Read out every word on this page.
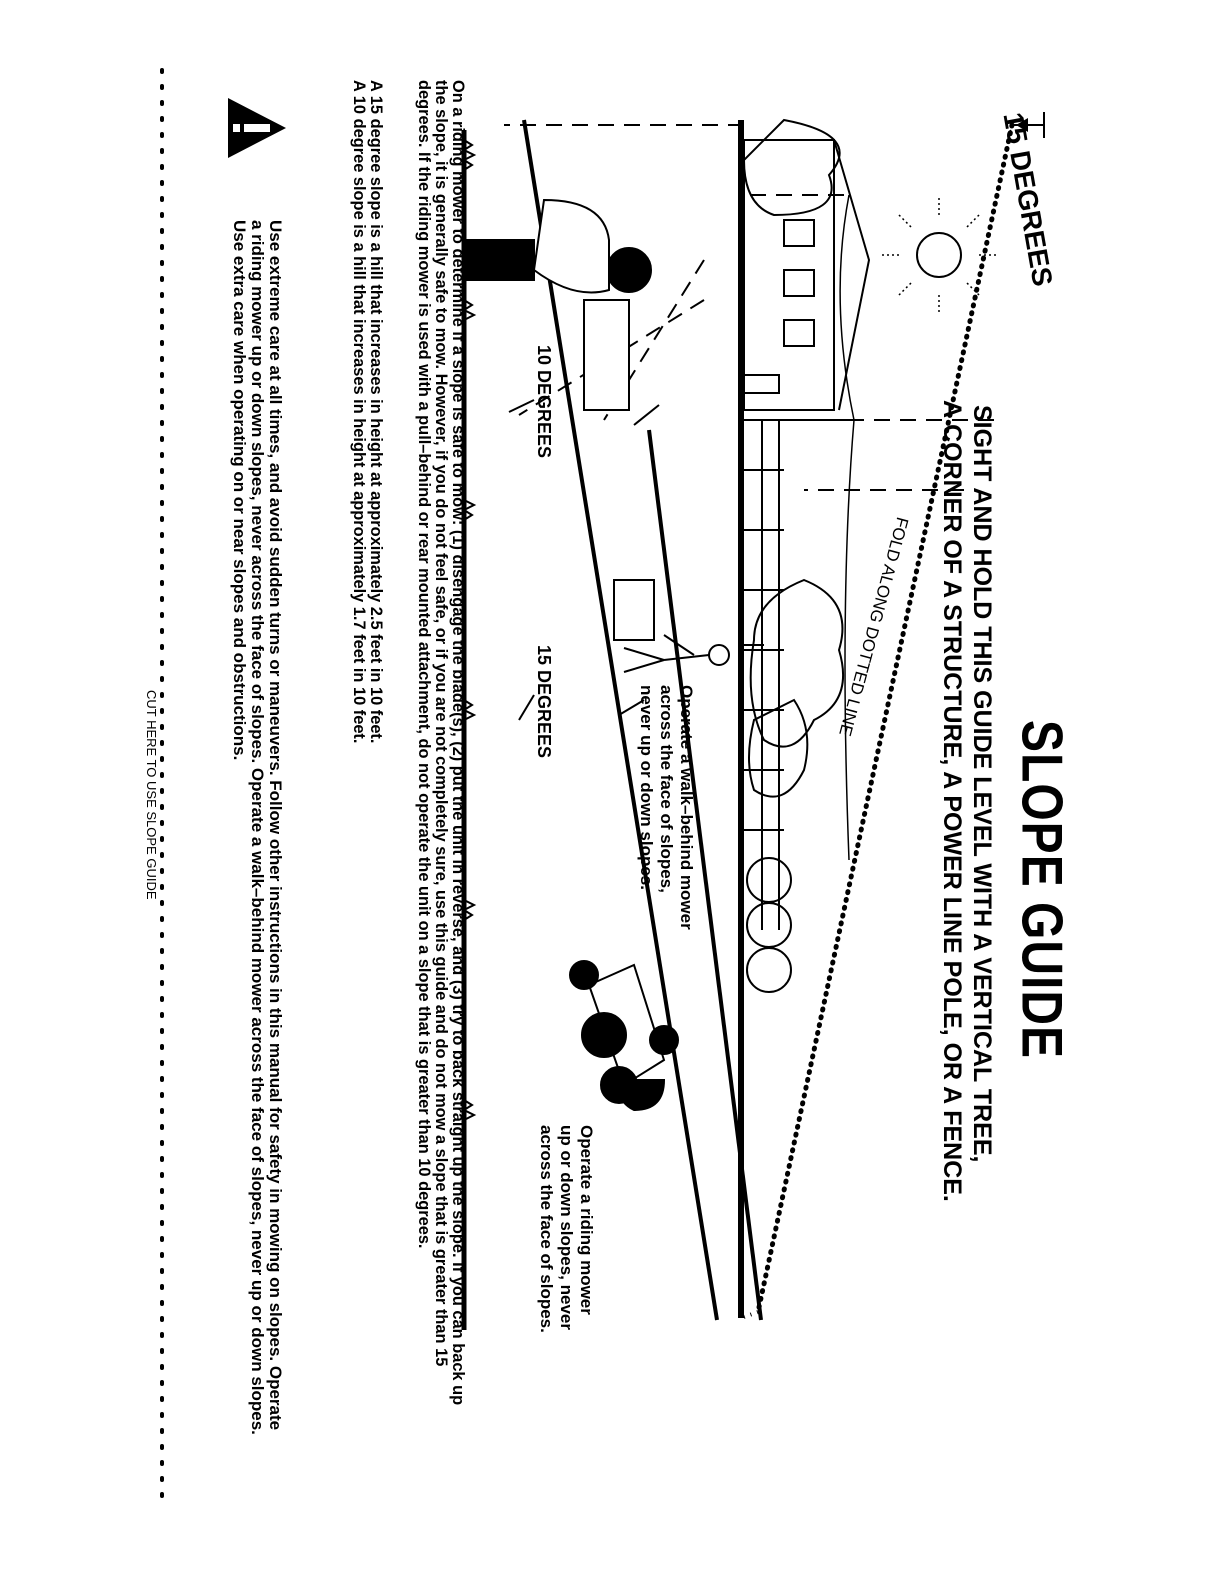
SLOPE GUIDE

SIGHT AND HOLD THIS GUIDE LEVEL WITH A VERTICAL TREE,

A CORNER OF A STRUCTURE, A POWER LINE POLE, OR A FENCE.

15 DEGREES

FOLD ALONG DOTTED LINE

Operate a walk–behind mower
across the face of slopes,
never up or down slopes.
Operate a riding mower
up or down slopes, never
across the face of slopes.

10 DEGREES

15 DEGREES

On a riding mower to determine if a slope is safe to mow: (1) disengage the blade(s), (2) put the unit in reverse, and (3) try to back straight up the slope. If you can back up the slope, it is generally safe to mow. However, if you do not feel safe, or if you are not completely sure, use this guide and do not mow a slope that is greater than 15 degrees. If the riding mower is used with a pull–behind or rear mounted attachment, do not operate the unit on a slope that is greater than 10 degrees.

A 15 degree slope is a hill that increases in height at approximately 2.5 feet in 10 feet.
A 10 degree slope is a hill that increases in height at approximately 1.7 feet in 10 feet.

Use extreme care at all times, and avoid sudden turns or maneuvers. Follow other instructions in this manual for safety in mowing on slopes. Operate a riding mower up or down slopes, never across the face of slopes. Operate a walk–behind mower across the face of slopes, never up or down slopes. Use extra care when operating on or near slopes and obstructions.

CUT HERE TO USE SLOPE GUIDE
